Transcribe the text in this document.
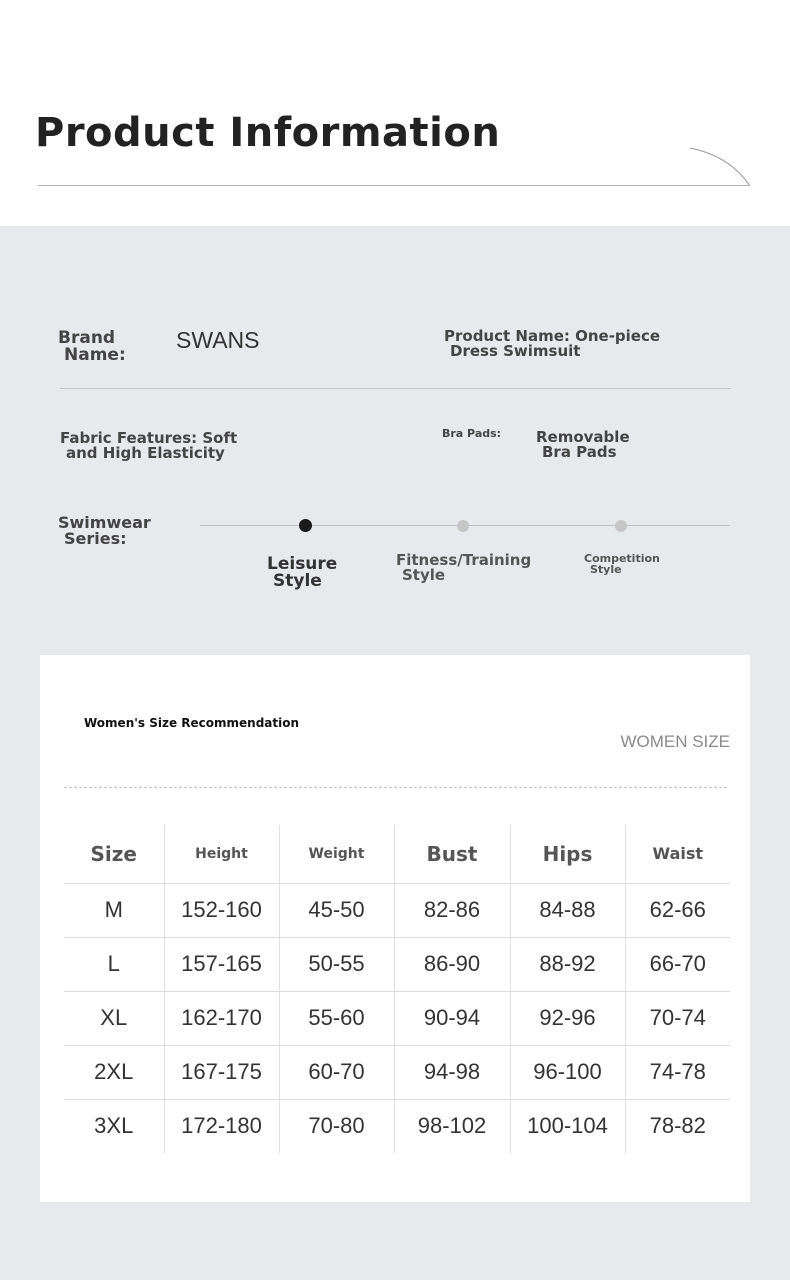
Product Information
Brand
Name:
SWANS	Product Name: One-piece
Dress Swimsuit
Fabric Features: Soft
and High Elasticity
Bra Pads: Removable
Bra Pads
Swimwear
Series:
Leisure
Style
Fitness/Training
Style
Competition
Style
Women's Size Recommendation
WOMEN SIZE
Size	Height	Weight	Bust	Hips	Waist
M	152-160	45-50	82-86	84-88	62-66
L	157-165	50-55	86-90	88-92	66-70
XL	162-170	55-60	90-94	92-96	70-74
2XL	167-175	60-70	94-98	96-100	74-78
3XL	172-180	70-80	98-102	100-104	78-82
